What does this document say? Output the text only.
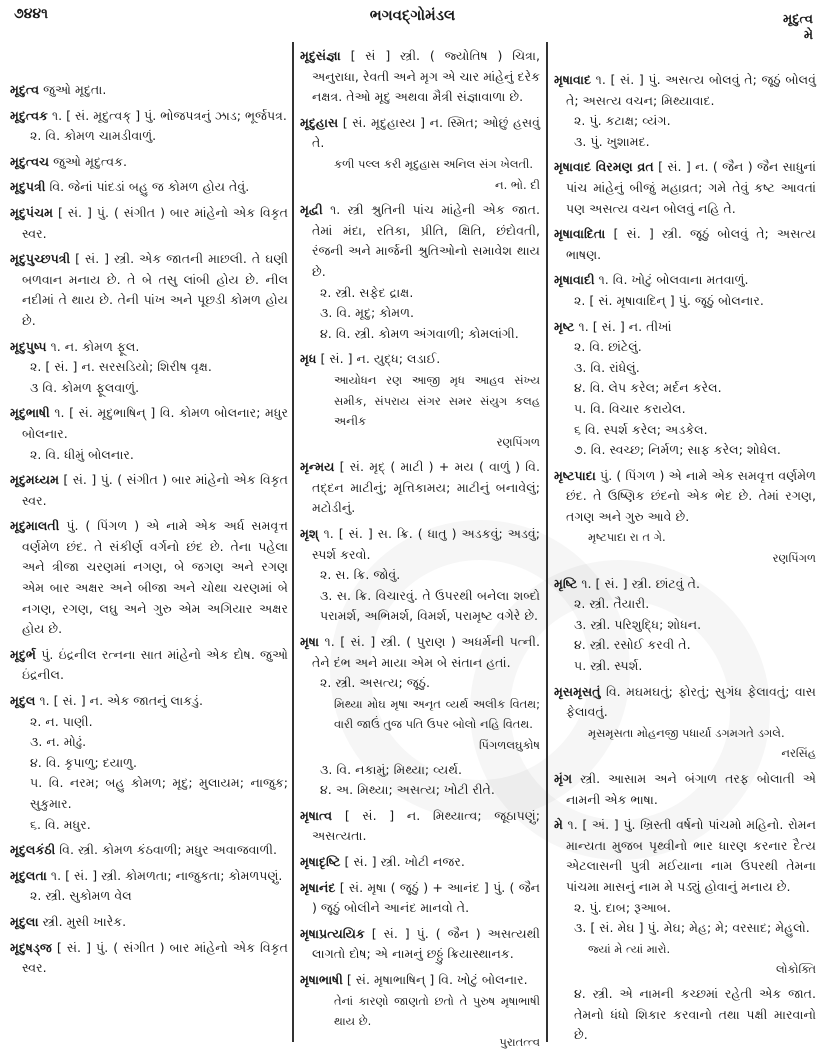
૭૪૪૧	ભગવદ્ગોમંડલ	મૃદુત્વ
મે
મૃદુત્વ જુઓ મૃદુતા.
મૃદુત્વક ૧. [ સં. મૃદુત્વક્ ] પું. ભોજપત્રનું ઝાડ; ભૂર્જપત્ર.
૨. વિ. કોમળ ચામડીવાળું.
મૃદુત્વચ જુઓ મૃદુત્વક.
મૃદુપત્રી વિ. જેનાં પાંદડાં બહુ જ કોમળ હોય તેવું.
મૃદુપંચમ [ સં. ] પું. ( સંગીત ) બાર માંહેનો એક વિકૃત સ્વર.
મૃદુપુચ્છપત્રી [ સં. ] સ્ત્રી. એક જાતની માછલી. તે ઘણી બળવાન મનાય છે. તે બે તસુ લાંબી હોય છે. નીલ નદીમાં તે થાય છે. તેની પાંખ અને પૂછડી કોમળ હોય છે.
મૃદુપુષ્પ ૧. ન. કોમળ ફૂલ.
૨. [ સં. ] ન. સરસડિયો; શિરીષ વૃક્ષ.
૩ વિ. કોમળ ફૂલવાળું.
મૃદુભાષી ૧. [ સં. મૃદુભાષિન્ ] વિ. કોમળ બોલનાર; મધુર બોલનાર.
૨. વિ. ધીમું બોલનાર.
મૃદુમધ્યમ [ સં. ] પું. ( સંગીત ) બાર માંહેનો એક વિકૃત સ્વર.
મૃદુમાલતી પું. ( પિંગળ ) એ નામે એક અર્ધ સમવૃત્ત વર્ણમેળ છંદ. તે સંકીર્ણ વર્ગનો છંદ છે. તેના પહેલા અને ત્રીજા ચરણમાં નગણ, બે જગણ અને રગણ એમ બાર અક્ષર અને બીજા અને ચોથા ચરણમાં બે નગણ, રગણ, લઘુ અને ગુરુ એમ અગિયાર અક્ષર હોય છે.
મૃદુર્ભ પું. ઇંદ્રનીલ રત્નના સાત માંહેનો એક દોષ. જુઓ ઇંદ્રનીલ.
મૃદુલ ૧. [ સં. ] ન. એક જાતનું લાકડું.
૨. ન. પાણી.
૩. ન. મોઢું.
૪. વિ. કૃપાળુ; દયાળુ.
૫. વિ. નરમ; બહુ કોમળ; મૃદુ; મુલાયમ; નાજુક; સુકુમાર.
૬. વિ. મધુર.
મૃદુલકંઠી વિ. સ્ત્રી. કોમળ કંઠવાળી; મધુર અવાજવાળી.
મૃદુલતા ૧. [ સં. ] સ્ત્રી. કોમળતા; નાજુકતા; કોમળપણું.
૨. સ્ત્રી. સુકોમળ વેલ
મૃદુલા સ્ત્રી. મુસી ખારેક.
મૃદુષડ્જ [ સં. ] પું. ( સંગીત ) બાર માંહેનો એક વિકૃત સ્વર.
મૃદુસંજ્ઞા [ સં ] સ્ત્રી. ( જ્યોતિષ ) ચિત્રા, અનુરાધા, રેવતી અને મૃગ એ ચાર માંહેનું દરેક નક્ષત્ર. તેઓ મૃદુ અથવા મૈત્રી સંજ્ઞાવાળા છે.
મૃદુહાસ [ સં. મૃદુહાસ્ય ] ન. સ્મિત; ઓછું હસવું તે.
કળી પલ્લ કરી મૃદુહાસ અનિલ સંગ ખેલતી.
ન. ભો. દી
મૃદ્વી ૧. સ્ત્રી શ્રુતિની પાંચ માંહેની એક જાત. તેમાં મંદા, રતિકા, પ્રીતિ, ક્ષિતિ, છંદોવતી, રંજની અને માર્જની શ્રુતિઓનો સમાવેશ થાય છે.
૨. સ્ત્રી. સફેદ દ્રાક્ષ.
૩. વિ. મૃદુ; કોમળ.
૪. વિ. સ્ત્રી. કોમળ અંગવાળી; કોમલાંગી.
મૃધ [ સં. ] ન. યુદ્ધ; લડાઈ.
આયોધન રણ આજી મૃધ આહવ સંખ્ય સમીક, સંપરાય સંગર સમર સંયુગ કલહ અનીક
રણપિંગળ
મૃન્મય [ સં. મૃદ્ ( માટી ) + મય ( વાળું ) વિ. તદ્દન માટીનું; મૃત્તિકામય; માટીનું બનાવેલું; મટોડીનું.
મૃશ્ ૧. [ સં. ] સ. ક્રિ. ( ધાતુ ) અડકવું; અડવું; સ્પર્શ કરવો.
૨. સ. ક્રિ. જોવું.
૩. સ. ક્રિ. વિચારવું. તે ઉપરથી બનેલા શબ્દો પરામર્શ, અભિમર્શ, વિમર્શ, પરામૃષ્ટ વગેરે છે.
મૃષા ૧. [ સં. ] સ્ત્રી. ( પુરાણ ) અધર્મની પત્ની. તેને દંભ અને માયા એમ બે સંતાન હતાં.
૨. સ્ત્રી. અસત્ય; જૂઠું.
મિથ્યા મોઘ મૃષા અનૃત વ્યર્થ અલીક વિતથ; વારી જાઉં તુજ પતિ ઉપર બોલો નહિ વિતથ.
પિંગળલઘુકોષ
૩. વિ. નકામું; મિથ્યા; વ્યર્થ.
૪. અ. મિથ્યા; અસત્ય; ખોટી રીતે.
મૃષાત્વ [ સં. ] ન. મિથ્યાત્વ; જૂઠાપણું; અસત્યતા.
મૃષાદૃષ્ટિ [ સં. ] સ્ત્રી. ખોટી નજર.
મૃષાનંદ [ સં. મૃષા ( જૂઠું ) + આનંદ ] પું. ( જૈન ) જૂઠું બોલીને આનંદ માનવો તે.
મૃષાપ્રત્યયિક [ સં. ] પું. ( જૈન ) અસત્યથી લાગતો દોષ; એ નામનું છઠ્ઠું ક્રિયાસ્થાનક.
મૃષાભાષી [ સં. મૃષાભાષિન્ ] વિ. ખોટું બોલનાર.
તેનાં કારણો જાણતો છતો તે પુરુષ મૃષાભાષી થાય છે.
પુરાતત્ત્વ
મૃષાવાદ ૧. [ સં. ] પું. અસત્ય બોલવું તે; જૂઠું બોલવું તે; અસત્ય વચન; મિથ્યાવાદ.
૨. પું. કટાક્ષ; વ્યંગ.
૩. પું. ખુશામદ.
મૃષાવાદ વિરમણ વ્રત [ સં. ] ન. ( જૈન ) જૈન સાધુનાં પાંચ માંહેનું બીજું મહાવ્રત; ગમે તેવું કષ્ટ આવતાં પણ અસત્ય વચન બોલવું નહિ તે.
મૃષાવાદિતા [ સં. ] સ્ત્રી. જૂઠું બોલવું તે; અસત્ય ભાષણ.
મૃષાવાદી ૧. વિ. ખોટું બોલવાના મતવાળું.
૨. [ સં. મૃષાવાદિન્ ] પું. જૂઠું બોલનાર.
મૃષ્ટ ૧. [ સં. ] ન. તીખાં
૨. વિ. છાંટેલું.
૩. વિ. રાંધેલું.
૪. વિ. લેપ કરેલ; મર્દન કરેલ.
૫. વિ. વિચાર કરાયેલ.
૬ વિ. સ્પર્શ કરેલ; અડકેલ.
૭. વિ. સ્વચ્છ; નિર્મળ; સાફ કરેલ; શોધેલ.
મૃષ્ટપાદા પું. ( પિંગળ ) એ નામે એક સમવૃત્ત વર્ણમેળ છંદ. તે ઉષ્ણિક છંદનો એક ભેદ છે. તેમાં રગણ, તગણ અને ગુરુ આવે છે.
મૃષ્ટપાદા રા ત ગે.
રણપિંગળ
મૃષ્ટિ ૧. [ સં. ] સ્ત્રી. છાંટવું તે.
૨. સ્ત્રી. તૈયારી.
૩. સ્ત્રી. પરિશુદ્ધિ; શોધન.
૪. સ્ત્રી. રસોઈ કરવી તે.
૫. સ્ત્રી. સ્પર્શ.
મૃસમૃસતું વિ. મઘમઘતું; ફોરતું; સુગંધ ફેલાવતું; વાસ ફેલાવતું.
મૃસમૃસતા મોહનજી પધાર્યા ડગમગતે ડગલે.
નરસિંહ
મૃંગ સ્ત્રી. આસામ અને બંગાળ તરફ બોલાતી એ નામની એક ભાષા.
મે ૧. [ અં. ] પું. ખ્રિસ્તી વર્ષનો પાંચમો મહિનો. રોમન માન્યતા મુજબ પૃથ્વીનો ભાર ધારણ કરનાર દૈત્ય એટલાસની પુત્રી મઈયાના નામ ઉપરથી તેમના પાંચમા માસનું નામ મે પડ્યું હોવાનું મનાય છે.
૨. પું. દાબ; રૂઆબ.
૩. [ સં. મેઘ ] પું. મેઘ; મેહ; મે; વરસાદ; મેહુલો.
જ્યાં મે ત્યાં મારો.
લોકોક્તિ
૪. સ્ત્રી. એ નામની કચ્છમાં રહેતી એક જાત. તેમનો ધંધો શિકાર કરવાનો તથા પક્ષી મારવાનો છે.
